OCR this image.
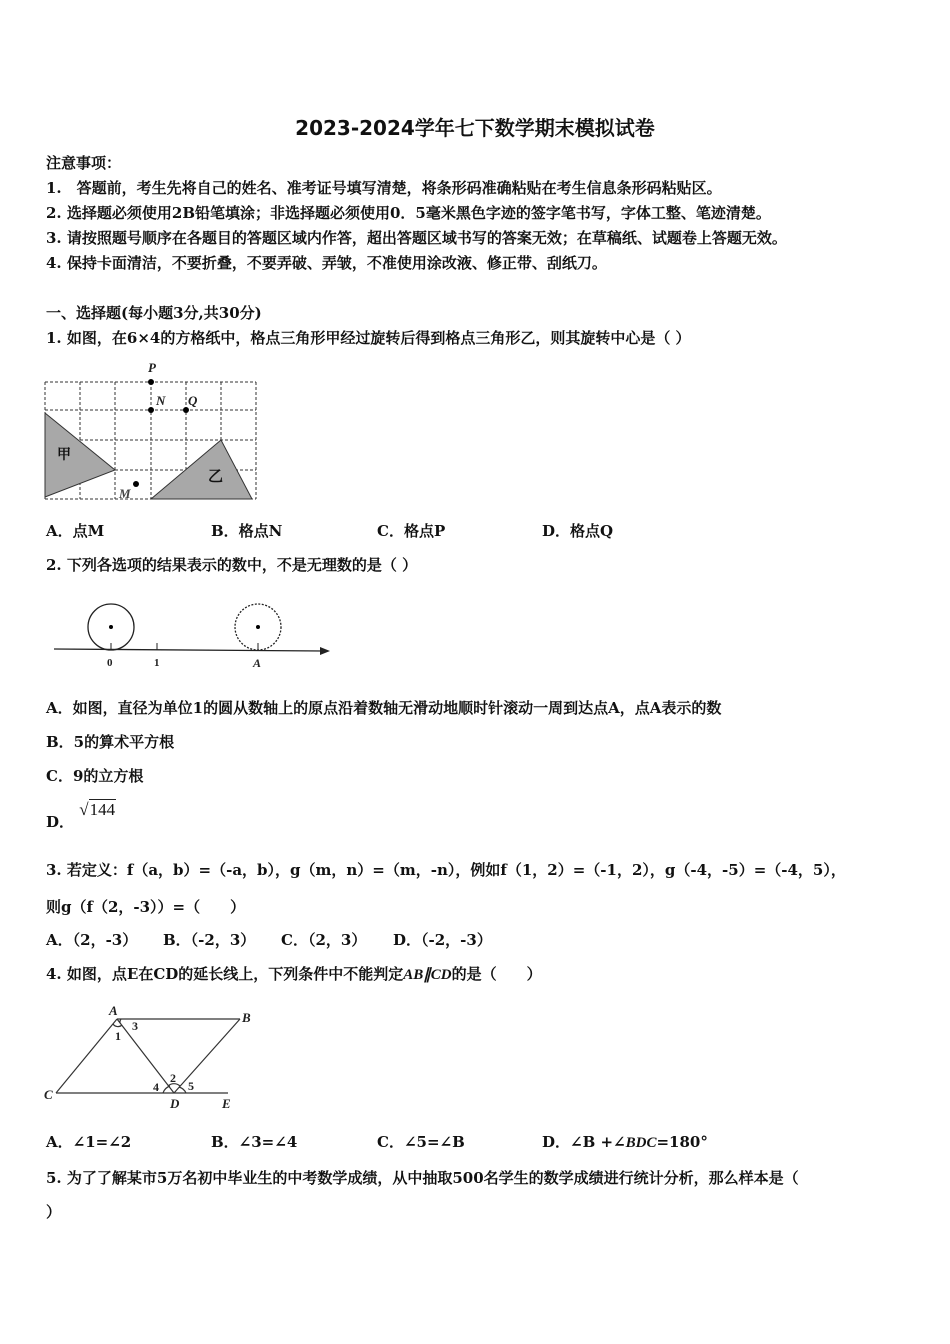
2023-2024学年七下数学期末模拟试卷
注意事项：
1.　答题前，考生先将自己的姓名、准考证号填写清楚，将条形码准确粘贴在考生信息条形码粘贴区。
2. 选择题必须使用2B铅笔填涂；非选择题必须使用0．5毫米黑色字迹的签字笔书写，字体工整、笔迹清楚。
3. 请按照题号顺序在各题目的答题区域内作答，超出答题区域书写的答案无效；在草稿纸、试题卷上答题无效。
4. 保持卡面清洁，不要折叠，不要弄破、弄皱，不准使用涂改液、修正带、刮纸刀。
一、选择题(每小题3分,共30分)
1. 如图，在6×4的方格纸中，格点三角形甲经过旋转后得到格点三角形乙，则其旋转中心是（ ）
P
N Q
M
甲
乙
A．点M	B．格点N	C．格点P	D．格点Q
2. 下列各选项的结果表示的数中，不是无理数的是（ ）
0	1	A
A．如图，直径为单位1的圆从数轴上的原点沿着数轴无滑动地顺时针滚动一周到达点A，点A表示的数
B．5的算术平方根
C．9的立方根
D． √144
3. 若定义：f（a，b）=（-a，b），g（m，n）=（m，-n），例如f（1，2）=（-1，2），g（-4，-5）=（-4，5），
则g（f（2，-3））=（　　）
A．（2，-3） B．（-2，3） C．（2，3） D．（-2，-3）
4. 如图，点E在CD的延长线上，下列条件中不能判定AB∥CD的是（　　）
A	B
C
D	E
1
3
2
4 5
A．∠1=∠2	B．∠3=∠4	C．∠5=∠B	D．∠B +∠BDC=180°
5. 为了了解某市5万名初中毕业生的中考数学成绩，从中抽取500名学生的数学成绩进行统计分析，那么样本是（
）
